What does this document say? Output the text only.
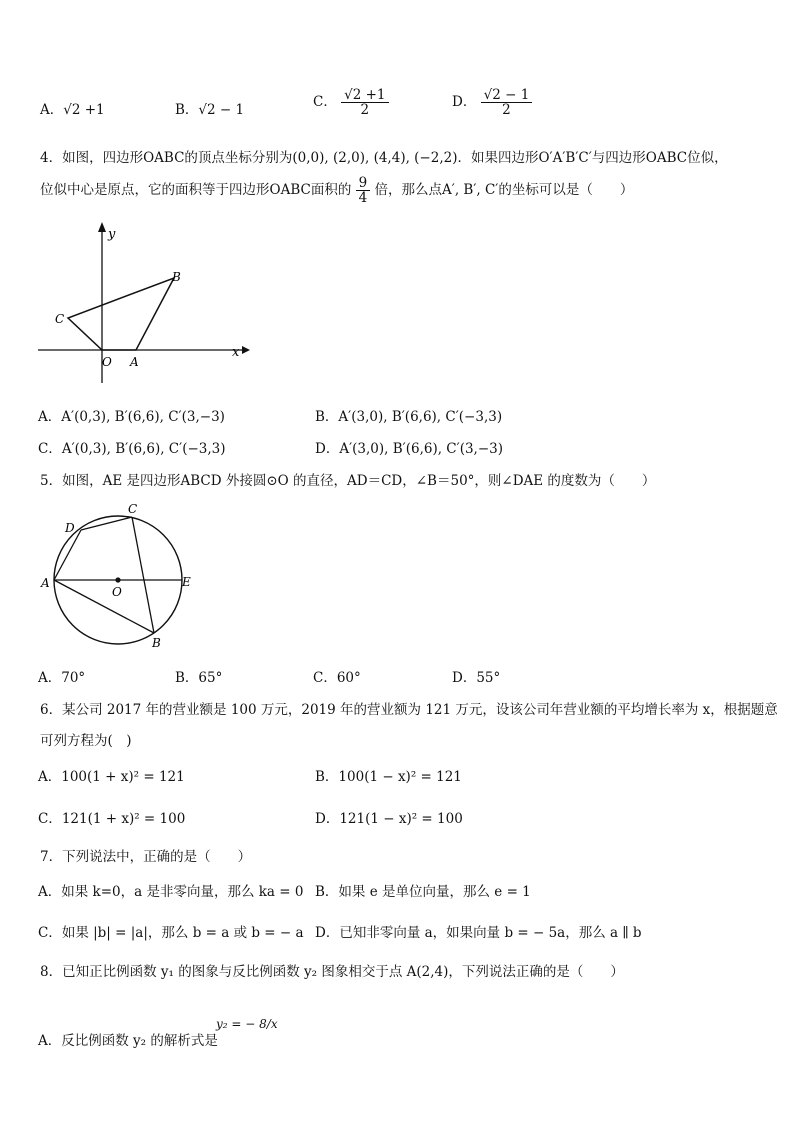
A．√2 +1	B．√2 − 1	C． $\frac{√2 +1}{2}$	D． $\frac{√2 - 1}{2}$
4．如图，四边形OABC的顶点坐标分别为(0,0), (2,0), (4,4), (−2,2)．如果四边形O′A′B′C′与四边形OABC位似，
位似中心是原点，它的面积等于四边形OABC面积的 $\frac{9}{4}$ 倍，那么点A′, B′, C′的坐标可以是（　　）
y
x
B
C
O A
A．A′(0,3), B′(6,6), C′(3,−3)	B．A′(3,0), B′(6,6), C′(−3,3)
C．A′(0,3), B′(6,6), C′(−3,3)	D．A′(3,0), B′(6,6), C′(3,−3)
5．如图，AE 是四边形ABCD 外接圆⊙O 的直径，AD＝CD，∠B＝50°，则∠DAE 的度数为（　　）
D
C
A
O
E
B
A．70°	B．65°	C．60°	D．55°
6．某公司 2017 年的营业额是 100 万元，2019 年的营业额为 121 万元，设该公司年营业额的平均增长率为 x，根据题意
可列方程为(　)
A．100(1 + x)² = 121	B．100(1 − x)² = 121
C．121(1 + x)² = 100	D．121(1 − x)² = 100
7．下列说法中，正确的是（　　）
A．如果 k=0，a 是非零向量，那么 ka = 0 B．如果 e 是单位向量，那么 e = 1
C．如果 |b| = |a|，那么 b = a 或 b = − a D．已知非零向量 a，如果向量 b = − 5a，那么 a ∥ b
8．已知正比例函数 y₁ 的图象与反比例函数 y₂ 图象相交于点 A(2,4)，下列说法正确的是（　　）
A．反比例函数 y₂ 的解析式是
y₂ = − 8/x
